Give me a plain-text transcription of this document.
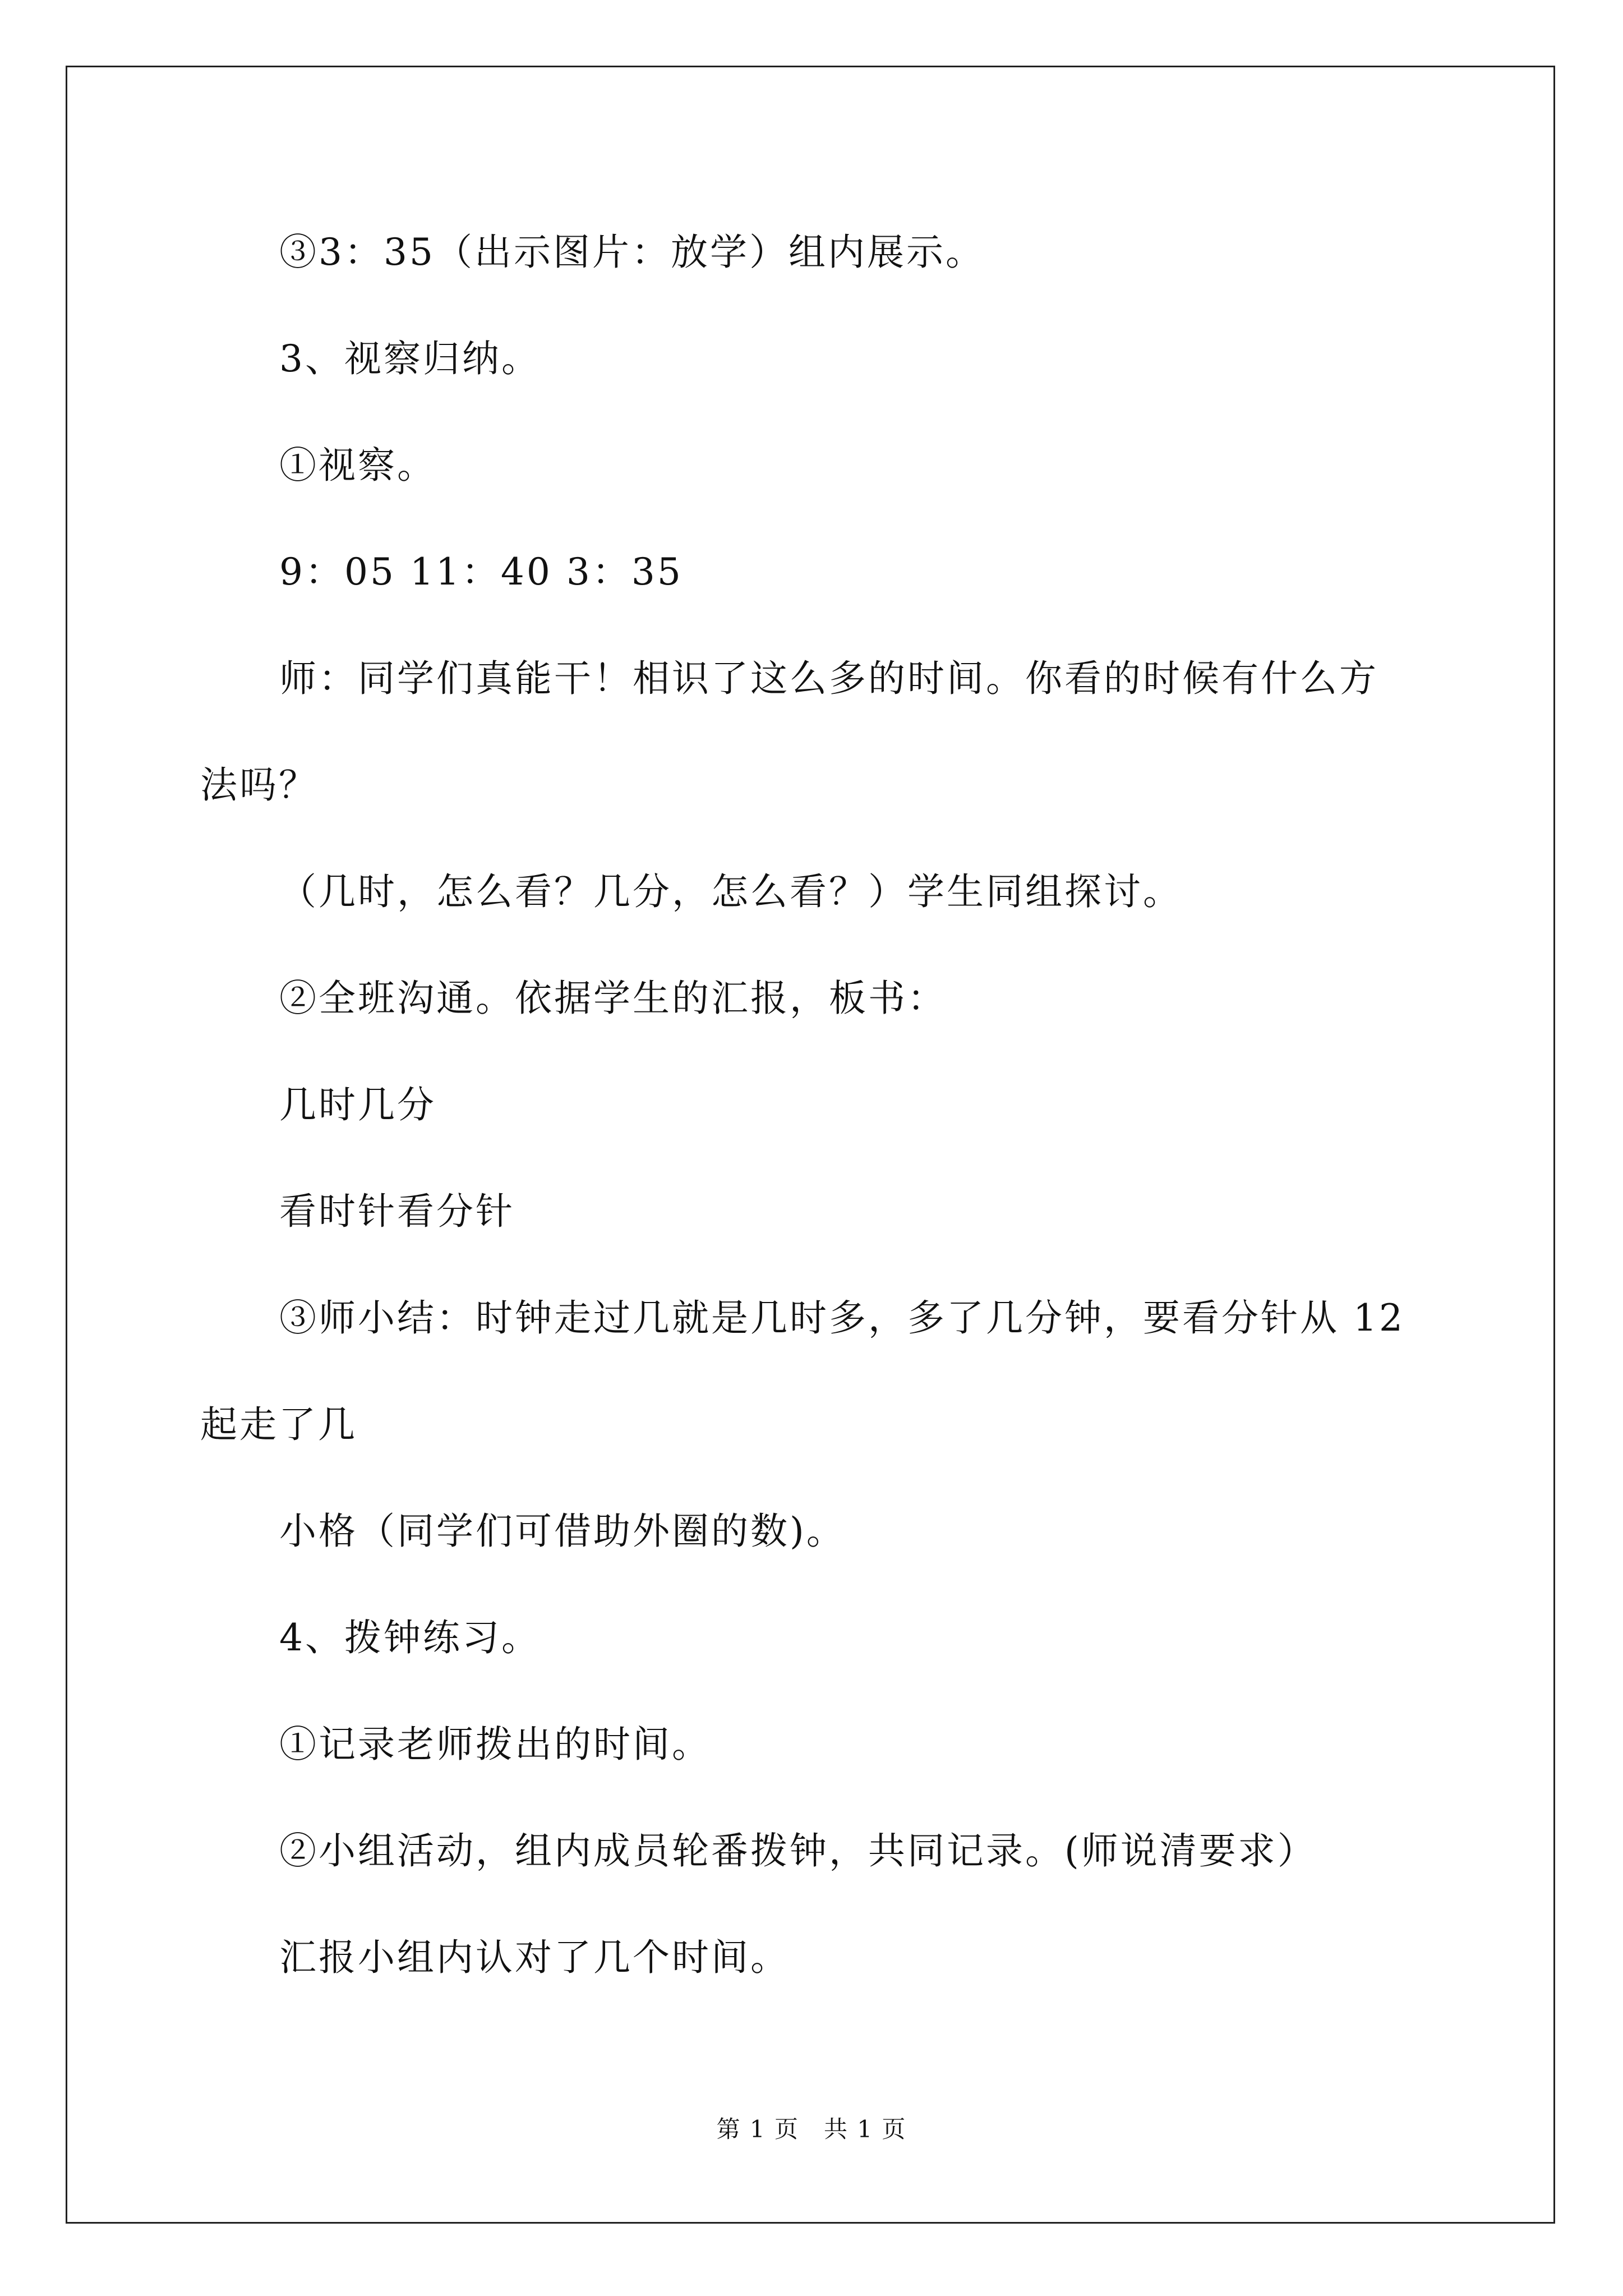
③3：35（出示图片：放学）组内展示。
3、视察归纳。
①视察。
9：05 11：40 3：35
师：同学们真能干！相识了这么多的时间。你看的时候有什么方
法吗？
（几时，怎么看？几分，怎么看？）学生同组探讨。
②全班沟通。依据学生的汇报，板书：
几时几分
看时针看分针
③师小结：时钟走过几就是几时多，多了几分钟，要看分针从 12
起走了几
小格（同学们可借助外圈的数)。
4、拨钟练习。
①记录老师拨出的时间。
②小组活动，组内成员轮番拨钟，共同记录。(师说清要求）
汇报小组内认对了几个时间。
第 1 页　共 1 页
